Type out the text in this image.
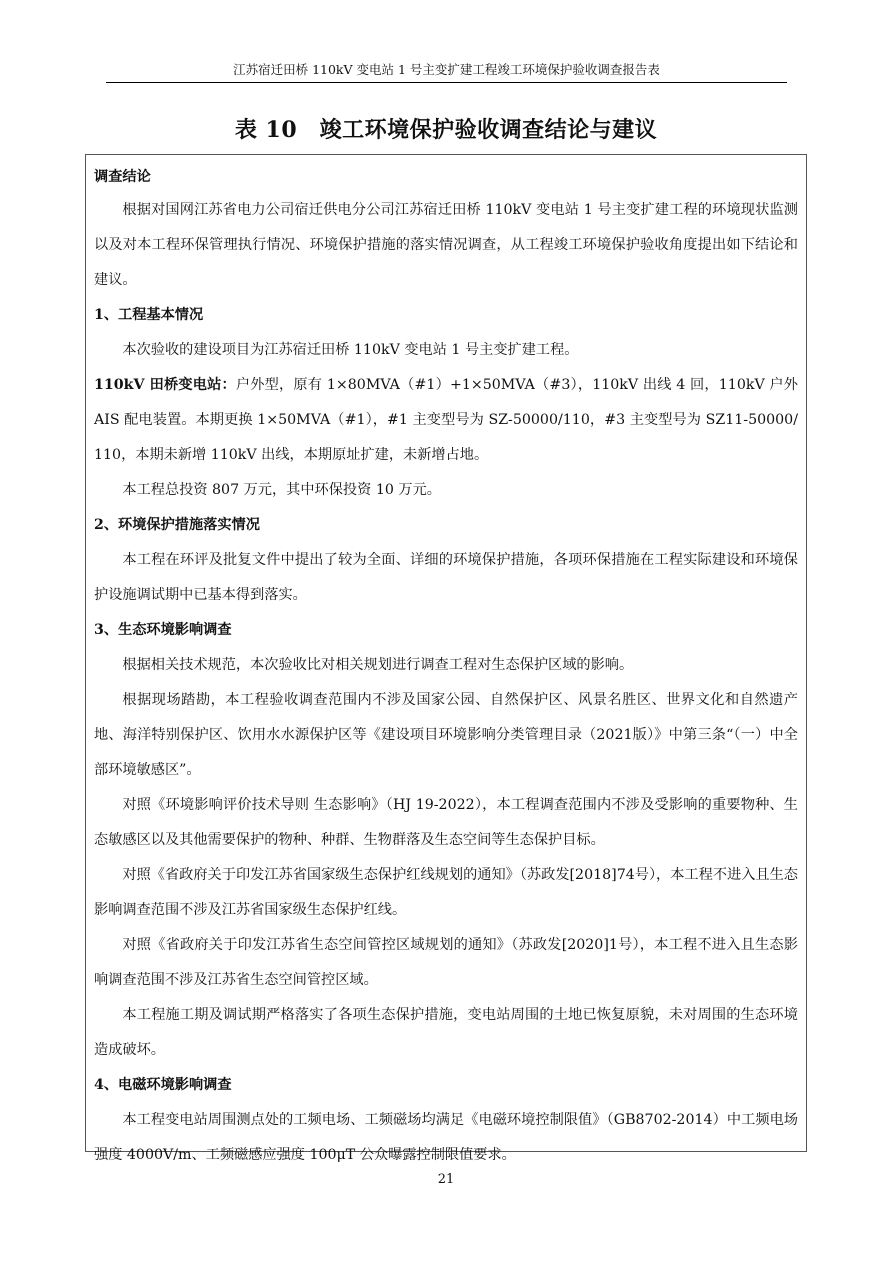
江苏宿迁田桥 110kV 变电站 1 号主变扩建工程竣工环境保护验收调查报告表
表 10　竣工环境保护验收调查结论与建议

调查结论

根据对国网江苏省电力公司宿迁供电分公司江苏宿迁田桥 110kV 变电站 1 号主变扩建工程的环境现状监测以及对本工程环保管理执行情况、环境保护措施的落实情况调查，从工程竣工环境保护验收角度提出如下结论和建议。

1、工程基本情况

本次验收的建设项目为江苏宿迁田桥 110kV 变电站 1 号主变扩建工程。

110kV 田桥变电站：户外型，原有 1×80MVA（#1）+1×50MVA（#3），110kV 出线 4 回，110kV 户外 AIS 配电装置。本期更换 1×50MVA（#1），#1 主变型号为 SZ-50000/110，#3 主变型号为 SZ11-50000/110，本期未新增 110kV 出线，本期原址扩建，未新增占地。

本工程总投资 807 万元，其中环保投资 10 万元。

2、环境保护措施落实情况

本工程在环评及批复文件中提出了较为全面、详细的环境保护措施，各项环保措施在工程实际建设和环境保护设施调试期中已基本得到落实。

3、生态环境影响调查

根据相关技术规范，本次验收比对相关规划进行调查工程对生态保护区域的影响。

根据现场踏勘，本工程验收调查范围内不涉及国家公园、自然保护区、风景名胜区、世界文化和自然遗产地、海洋特别保护区、饮用水水源保护区等《建设项目环境影响分类管理目录（2021版）》中第三条“（一）中全部环境敏感区”。

对照《环境影响评价技术导则 生态影响》（HJ 19-2022），本工程调查范围内不涉及受影响的重要物种、生态敏感区以及其他需要保护的物种、种群、生物群落及生态空间等生态保护目标。

对照《省政府关于印发江苏省国家级生态保护红线规划的通知》（苏政发[2018]74号），本工程不进入且生态影响调查范围不涉及江苏省国家级生态保护红线。

对照《省政府关于印发江苏省生态空间管控区域规划的通知》（苏政发[2020]1号），本工程不进入且生态影响调查范围不涉及江苏省生态空间管控区域。

本工程施工期及调试期严格落实了各项生态保护措施，变电站周围的土地已恢复原貌，未对周围的生态环境造成破坏。

4、电磁环境影响调查

本工程变电站周围测点处的工频电场、工频磁场均满足《电磁环境控制限值》（GB8702-2014）中工频电场强度 4000V/m、工频磁感应强度 100μT 公众曝露控制限值要求。

21
